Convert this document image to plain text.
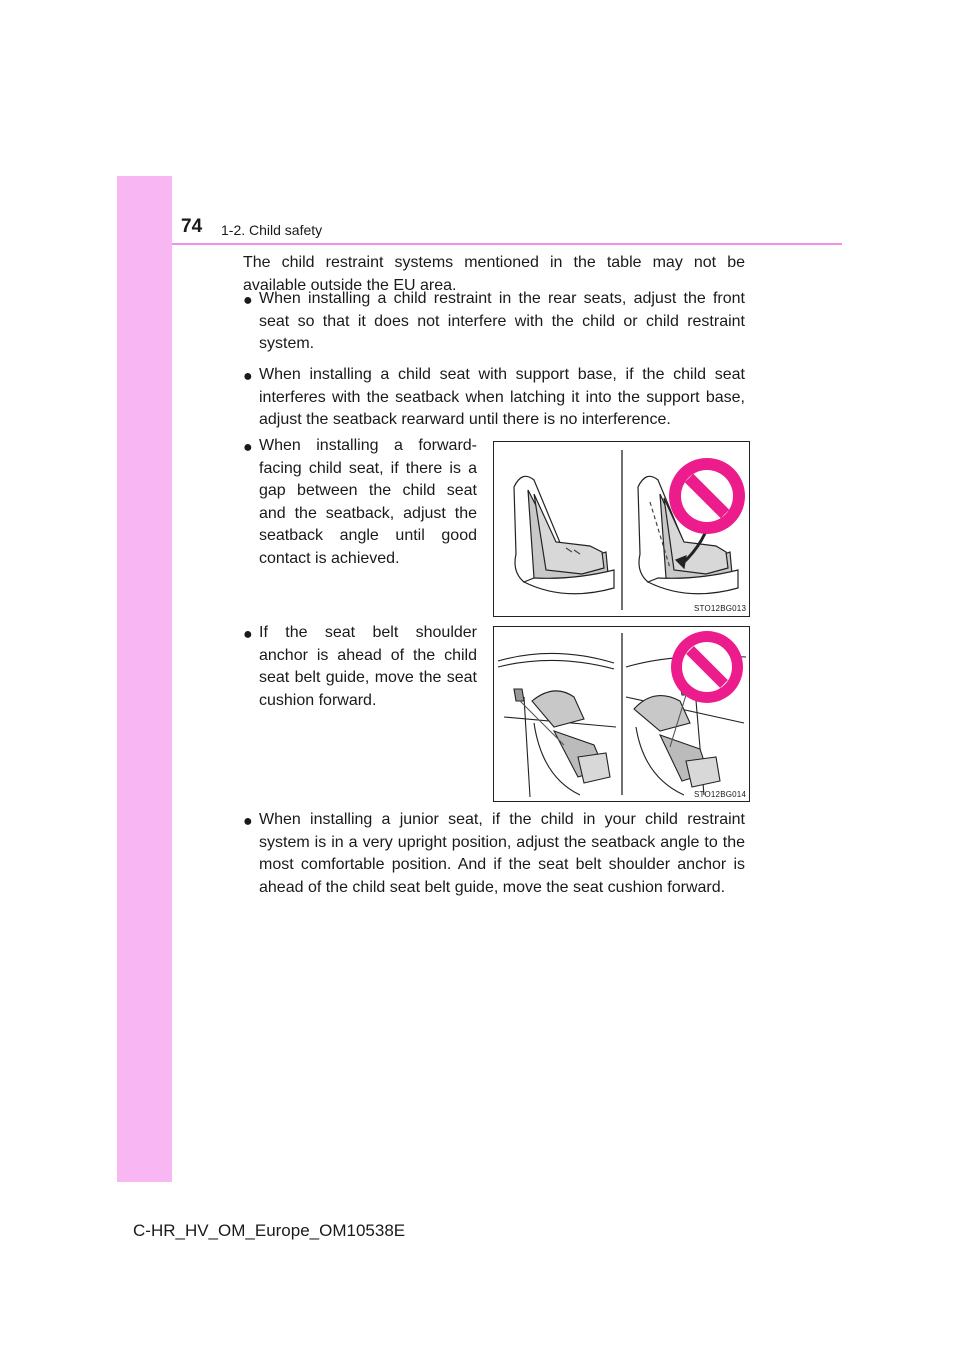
74 1-2. Child safety
The child restraint systems mentioned in the table may not be available outside the EU area.
● When installing a child restraint in the rear seats, adjust the front seat so that it does not interfere with the child or child restraint system.
● When installing a child seat with support base, if the child seat interferes with the seatback when latching it into the support base, adjust the seatback rearward until there is no interference.
● When installing a forward-facing child seat, if there is a gap between the child seat and the seatback, adjust the seatback angle until good contact is achieved.
STO12BG013
● If the seat belt shoulder anchor is ahead of the child seat belt guide, move the seat cushion forward.
STO12BG014
● When installing a junior seat, if the child in your child restraint system is in a very upright position, adjust the seatback angle to the most comfortable position. And if the seat belt shoulder anchor is ahead of the child seat belt guide, move the seat cushion forward.
C-HR_HV_OM_Europe_OM10538E
